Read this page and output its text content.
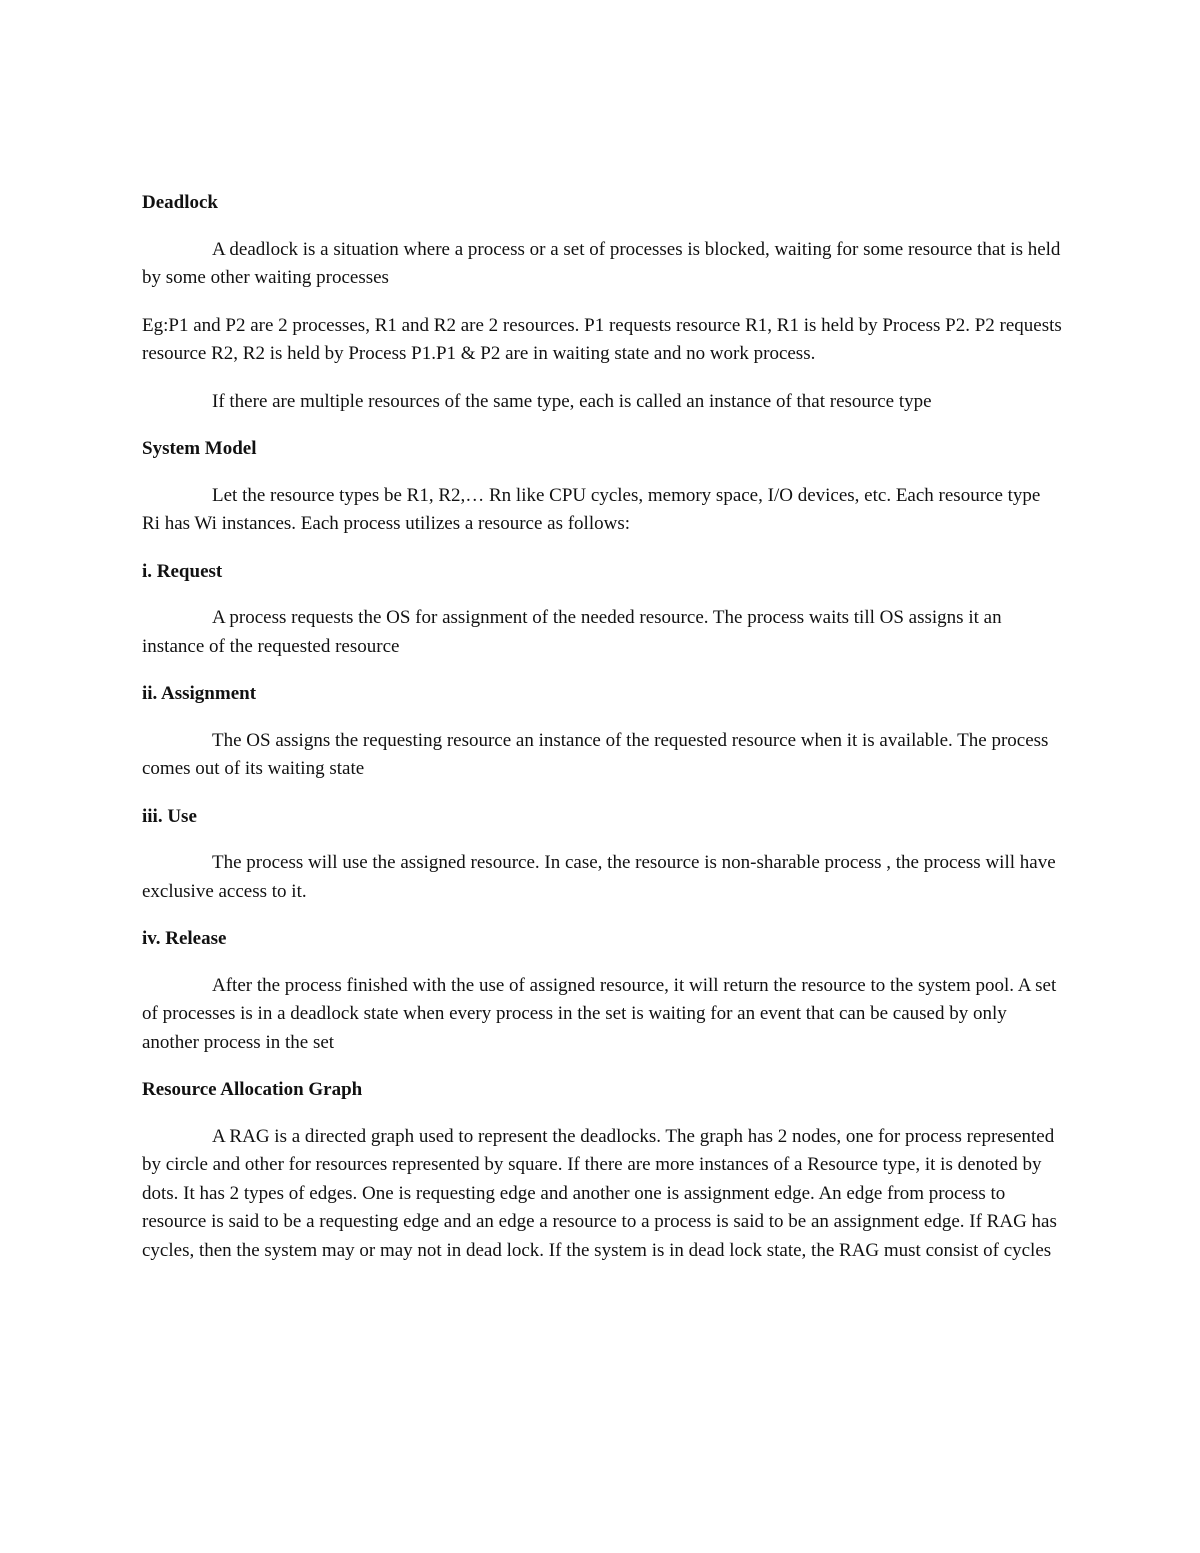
Deadlock

A deadlock is a situation where a process or a set of processes is blocked, waiting for some resource that is held by some other waiting processes

Eg:P1 and P2 are 2 processes, R1 and R2 are 2 resources. P1 requests resource R1, R1 is held by Process P2. P2 requests resource R2, R2 is held by Process P1.P1 & P2 are in waiting state and no work process.

If there are multiple resources of the same type, each is called an instance of that resource type

System Model

Let the resource types be R1, R2,… Rn like CPU cycles, memory space, I/O devices, etc. Each resource type Ri has Wi instances. Each process utilizes a resource as follows:

i. Request

A process requests the OS for assignment of the needed resource. The process waits till OS assigns it an instance of the requested resource

ii. Assignment

The OS assigns the requesting resource an instance of the requested resource when it is available. The process comes out of its waiting state

iii. Use

The process will use the assigned resource. In case, the resource is non-sharable process , the process will have exclusive access to it.

iv. Release

After the process finished with the use of assigned resource, it will return the resource to the system pool. A set of processes is in a deadlock state when every process in the set is waiting for an event that can be caused by only another process in the set

Resource Allocation Graph

A RAG is a directed graph used to represent the deadlocks. The graph has 2 nodes, one for process represented by circle and other for resources represented by square. If there are more instances of a Resource type, it is denoted by dots. It has 2 types of edges. One is requesting edge and another one is assignment edge. An edge from process to resource is said to be a requesting edge and an edge a resource to a process is said to be an assignment edge. If RAG has cycles, then the system may or may not in dead lock. If the system is in dead lock state, the RAG must consist of cycles
